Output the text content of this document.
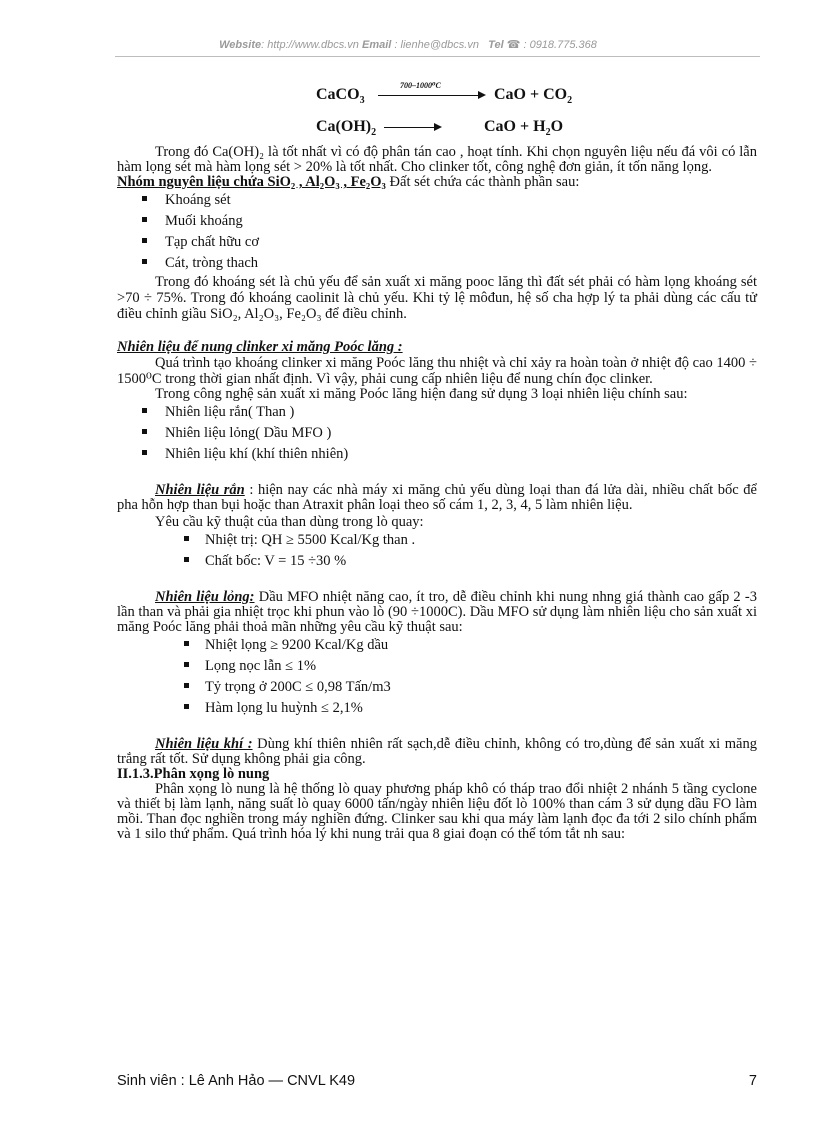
Website: http://www.dbcs.vn Email : lienhe@dbcs.vn Tel ☎ : 0918.775.368
CaCO$_3$
700–1000⁰C
CaO + $CO_2$
$Ca(OH)_2$	CaO + $H_2O$

Trong đó Ca(OH)₂ là tốt nhất vì có độ phân tán cao , hoạt tính. Khi chọn nguyên liệu nếu đá vôi có lẫn hàm lọng sét mà hàm lọng sét > 20% là tốt nhất. Cho clinker tốt, công nghệ đơn giản, ít tốn năng lọng.

Nhóm nguyên liệu chứa SiO₂ , Al₂O₃ , Fe₂O₃ Đất sét chứa các thành phần sau:

Khoáng sét
Muối khoáng
Tạp chất hữu cơ
Cát, tròng thach

Trong đó khoáng sét là chủ yếu để sản xuất xi măng pooc lăng thì đất sét phải có hàm lọng khoáng sét >70 ÷ 75%. Trong đó khoáng caolinit là chủ yếu. Khi tỷ lệ môđun, hệ số cha hợp lý ta phải dùng các cấu tử điều chỉnh giầu SiO₂, Al₂O₃, Fe₂O₃ để điều chỉnh.

Nhiên liệu để nung clinker xi măng Poóc lăng :

Quá trình tạo khoáng clinker xi măng Poóc lăng thu nhiệt và chỉ xảy ra hoàn toàn ở nhiệt độ cao 1400 ÷ 1500⁰C trong thời gian nhất định. Vì vậy, phải cung cấp nhiên liệu để nung chín đọc clinker.

Trong công nghệ sản xuất xi măng Poóc lăng hiện đang sử dụng 3 loại nhiên liệu chính sau:

Nhiên liệu rắn( Than )
Nhiên liệu lỏng( Dầu MFO )
Nhiên liệu khí (khí thiên nhiên)

Nhiên liệu rắn : hiện nay các nhà máy xi măng chủ yếu dùng loại than đá lửa dài, nhiều chất bốc để pha hỗn hợp than bụi hoặc than Atraxit phân loại theo số cám 1, 2, 3, 4, 5 làm nhiên liệu.

Yêu cầu kỹ thuật của than dùng trong lò quay:

Nhiệt trị: QH ≥ 5500 Kcal/Kg than .
Chất bốc: V = 15 ÷30 %

Nhiên liệu lỏng: Dầu MFO nhiệt năng cao, ít tro, dễ điều chỉnh khi nung nhng giá thành cao gấp 2 -3 lần than và phải gia nhiệt trọc khi phun vào lò (90 ÷1000C). Dầu MFO sử dụng làm nhiên liệu cho sản xuất xi măng Poóc lăng phải thoả mãn những yêu cầu kỹ thuật sau:

Nhiệt lọng ≥ 9200 Kcal/Kg dầu
Lọng nọc lẫn ≤ 1%
Tỷ trọng ở 200C ≤ 0,98 Tấn/m3
Hàm lọng lu huỳnh ≤ 2,1%

Nhiên liệu khí : Dùng khí thiên nhiên rất sạch,dễ điều chỉnh, không có tro,dùng để sản xuất xi măng trắng rất tốt. Sử dụng không phải gia công.

II.1.3.Phân xọng lò nung

Phân xọng lò nung là hệ thống lò quay phương pháp khô có tháp trao đổi nhiệt 2 nhánh 5 tầng cyclone và thiết bị làm lạnh, năng suất lò quay 6000 tấn/ngày nhiên liệu đốt lò 100% than cám 3 sử dụng dầu FO làm mồi. Than đọc nghiền trong máy nghiền đứng. Clinker sau khi qua máy làm lạnh đọc đa tới 2 silo chính phẩm và 1 silo thứ phẩm. Quá trình hóa lý khi nung trải qua 8 giai đoạn có thể tóm tắt nh sau:

Sinh viên : Lê Anh Hảo — CNVL K49	7
